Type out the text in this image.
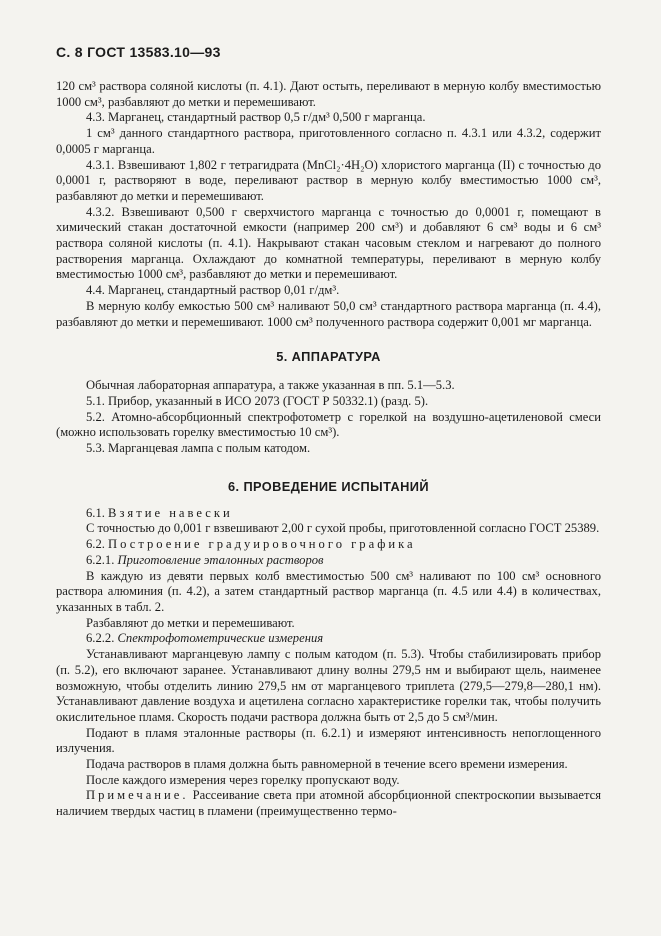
С. 8 ГОСТ 13583.10—93

120 см³ раствора соляной кислоты (п. 4.1). Дают остыть, переливают в мерную колбу вместимостью 1000 см³, разбавляют до метки и перемешивают.

4.3. Марганец, стандартный раствор 0,5 г/дм³ 0,500 г марганца.

1 см³ данного стандартного раствора, приготовленного согласно п. 4.3.1 или 4.3.2, содержит 0,0005 г марганца.

4.3.1. Взвешивают 1,802 г тетрагидрата (MnCl₂·4H₂O) хлористого марганца (II) с точностью до 0,0001 г, растворяют в воде, переливают раствор в мерную колбу вместимостью 1000 см³, разбавляют до метки и перемешивают.

4.3.2. Взвешивают 0,500 г сверхчистого марганца с точностью до 0,0001 г, помещают в химический стакан достаточной емкости (например 200 см³) и добавляют 6 см³ воды и 6 см³ раствора соляной кислоты (п. 4.1). Накрывают стакан часовым стеклом и нагревают до полного растворения марганца. Охлаждают до комнатной температуры, переливают в мерную колбу вместимостью 1000 см³, разбавляют до метки и перемешивают.

4.4. Марганец, стандартный раствор 0,01 г/дм³.

В мерную колбу емкостью 500 см³ наливают 50,0 см³ стандартного раствора марганца (п. 4.4), разбавляют до метки и перемешивают. 1000 см³ полученного раствора содержит 0,001 мг марганца.

5. АППАРАТУРА

Обычная лабораторная аппаратура, а также указанная в пп. 5.1—5.3.

5.1. Прибор, указанный в ИСО 2073 (ГОСТ Р 50332.1) (разд. 5).

5.2. Атомно-абсорбционный спектрофотометр с горелкой на воздушно-ацетиленовой смеси (можно использовать горелку вместимостью 10 см³).

5.3. Марганцевая лампа с полым катодом.

6. ПРОВЕДЕНИЕ ИСПЫТАНИЙ

6.1. Взятие навески

С точностью до 0,001 г взвешивают 2,00 г сухой пробы, приготовленной согласно ГОСТ 25389.

6.2. Построение градуировочного графика

6.2.1. Приготовление эталонных растворов

В каждую из девяти первых колб вместимостью 500 см³ наливают по 100 см³ основного раствора алюминия (п. 4.2), а затем стандартный раствор марганца (п. 4.5 или 4.4) в количествах, указанных в табл. 2.

Разбавляют до метки и перемешивают.

6.2.2. Спектрофотометрические измерения

Устанавливают марганцевую лампу с полым катодом (п. 5.3). Чтобы стабилизировать прибор (п. 5.2), его включают заранее. Устанавливают длину волны 279,5 нм и выбирают щель, наименее возможную, чтобы отделить линию 279,5 нм от марганцевого триплета (279,5—279,8—280,1 нм). Устанавливают давление воздуха и ацетилена согласно характеристике горелки так, чтобы получить окислительное пламя. Скорость подачи раствора должна быть от 2,5 до 5 см³/мин.

Подают в пламя эталонные растворы (п. 6.2.1) и измеряют интенсивность непоглощенного излучения.

Подача растворов в пламя должна быть равномерной в течение всего времени измерения.

После каждого измерения через горелку пропускают воду.

Примечание. Рассеивание света при атомной абсорбционной спектроскопии вызывается наличием твердых частиц в пламени (преимущественно термо-
